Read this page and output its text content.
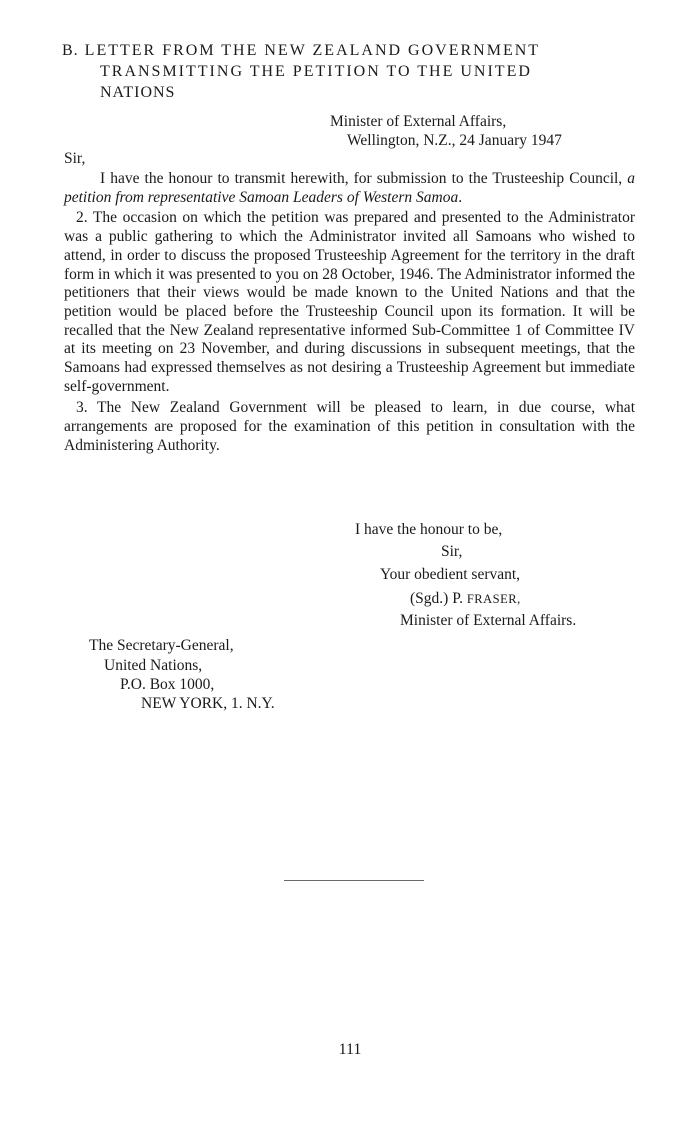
B. LETTER FROM THE NEW ZEALAND GOVERNMENT
TRANSMITTING THE PETITION TO THE UNITED
NATIONS
Minister of External Affairs,
Wellington, N.Z., 24 January 1947
Sir,

I have the honour to transmit herewith, for submission to the Trusteeship Council, a petition from representative Samoan Leaders of Western Samoa.

2. The occasion on which the petition was prepared and presented to the Administrator was a public gathering to which the Administrator invited all Samoans who wished to attend, in order to discuss the proposed Trusteeship Agreement for the territory in the draft form in which it was presented to you on 28 October, 1946. The Administrator informed the petitioners that their views would be made known to the United Nations and that the petition would be placed before the Trusteeship Council upon its formation. It will be recalled that the New Zealand representative informed Sub-Committee 1 of Committee IV at its meeting on 23 November, and during discussions in subsequent meetings, that the Samoans had expressed themselves as not desiring a Trusteeship Agreement but immediate self-government.

3. The New Zealand Government will be pleased to learn, in due course, what arrangements are proposed for the examination of this petition in consultation with the Administering Authority.

I have the honour to be,
Sir,
Your obedient servant,
(Sgd.) P. FRASER,
Minister of External Affairs.
The Secretary-General,
United Nations,
P.O. Box 1000,
NEW YORK, 1. N.Y.
111
